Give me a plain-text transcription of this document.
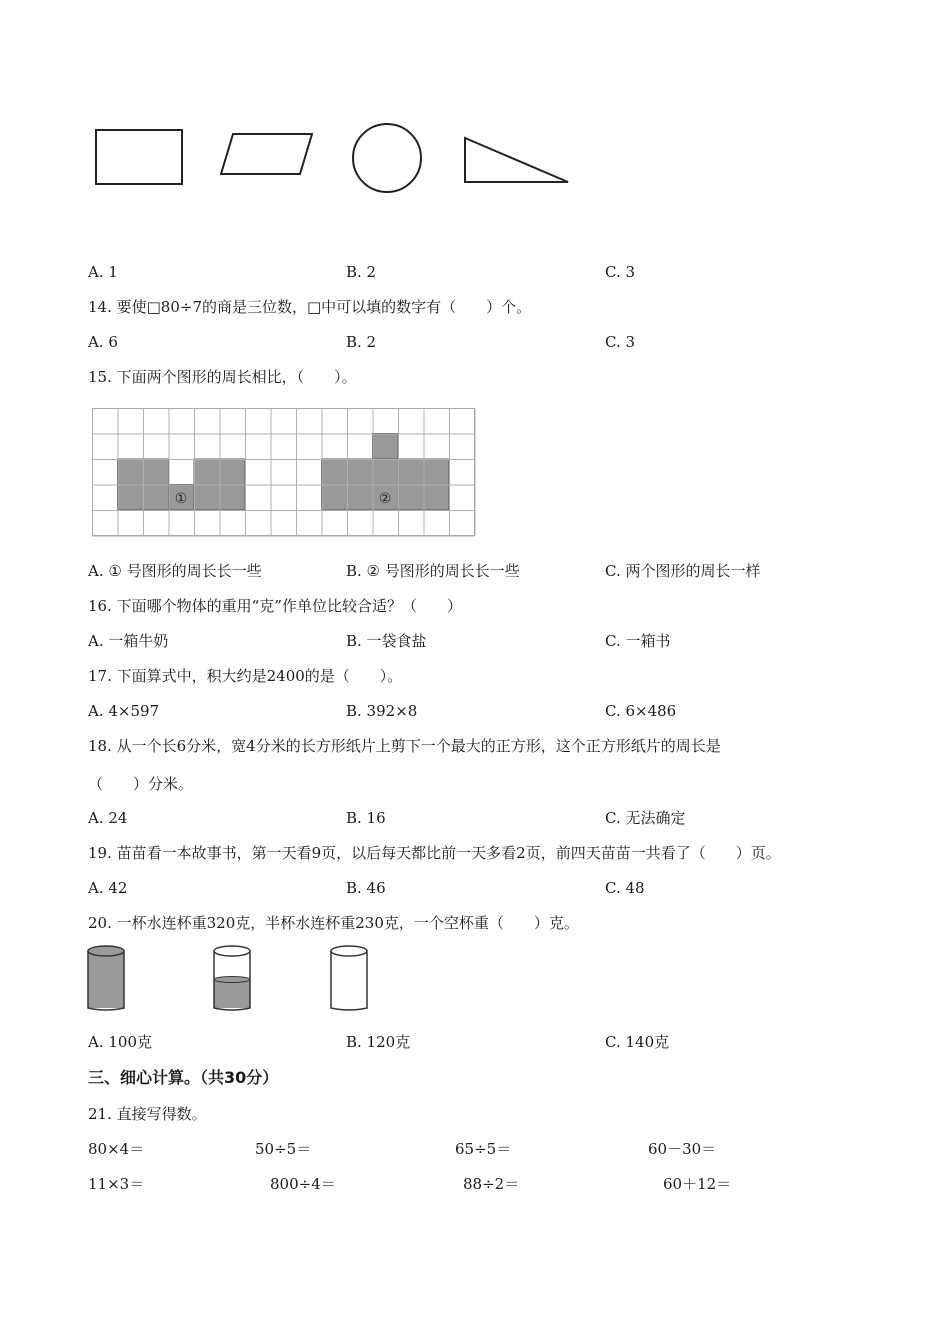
A. 1	B. 2	C. 3
14. 要使□80÷7的商是三位数，□中可以填的数字有（　　）个。
A. 6	B. 2	C. 3
15. 下面两个图形的周长相比，（　　）。
①	②
A. ① 号图形的周长长一些	B. ② 号图形的周长长一些	C. 两个图形的周长一样
16. 下面哪个物体的重用“克”作单位比较合适？（　　）
A. 一箱牛奶	B. 一袋食盐	C. 一箱书
17. 下面算式中，积大约是2400的是（　　）。
A. 4×597	B. 392×8	C. 6×486
18. 从一个长6分米，宽4分米的长方形纸片上剪下一个最大的正方形，这个正方形纸片的周长是
（　　）分米。
A. 24	B. 16	C. 无法确定
19. 苗苗看一本故事书，第一天看9页，以后每天都比前一天多看2页，前四天苗苗一共看了（　　）页。
A. 42	B. 46	C. 48
20. 一杯水连杯重320克，半杯水连杯重230克，一个空杯重（　　）克。
A. 100克	B. 120克	C. 140克
三、细心计算。（共30分）
21. 直接写得数。
80×4＝	50÷5＝	65÷5＝	60－30＝
11×3＝	800÷4＝	88÷2＝	60＋12＝
